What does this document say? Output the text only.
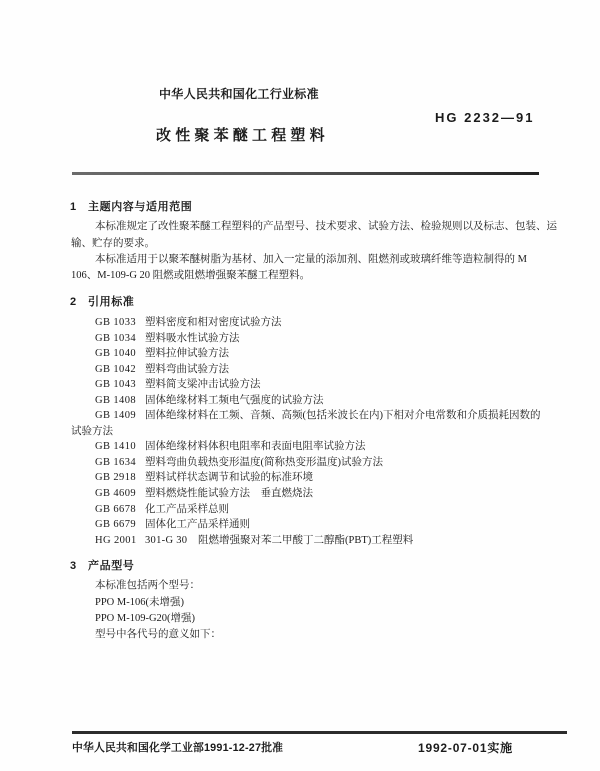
中华人民共和国化工行业标准
HG 2232—91
改性聚苯醚工程塑料
1 主题内容与适用范围
本标准规定了改性聚苯醚工程塑料的产品型号、技术要求、试验方法、检验规则以及标志、包装、运
输、贮存的要求。
本标准适用于以聚苯醚树脂为基材、加入一定量的添加剂、阻燃剂或玻璃纤维等造粒制得的 M
106、M-109-G 20 阻燃或阻燃增强聚苯醚工程塑料。
2 引用标准
GB 1033 塑料密度和相对密度试验方法
GB 1034 塑料吸水性试验方法
GB 1040 塑料拉伸试验方法
GB 1042 塑料弯曲试验方法
GB 1043 塑料简支梁冲击试验方法
GB 1408 固体绝缘材料工频电气强度的试验方法
GB 1409 固体绝缘材料在工频、音频、高频(包括米波长在内)下相对介电常数和介质损耗因数的
试验方法
GB 1410 固体绝缘材料体积电阻率和表面电阻率试验方法
GB 1634 塑料弯曲负载热变形温度(简称热变形温度)试验方法
GB 2918 塑料试样状态调节和试验的标准环境
GB 4609 塑料燃烧性能试验方法　垂直燃烧法
GB 6678 化工产品采样总则
GB 6679 固体化工产品采样通则
HG 2001 301-G 30 阻燃增强聚对苯二甲酸丁二醇酯(PBT)工程塑料
3 产品型号
本标准包括两个型号：
PPO M-106(未增强)
PPO M-109-G20(增强)
型号中各代号的意义如下：
中华人民共和国化学工业部1991-12-27批准	1992-07-01实施
